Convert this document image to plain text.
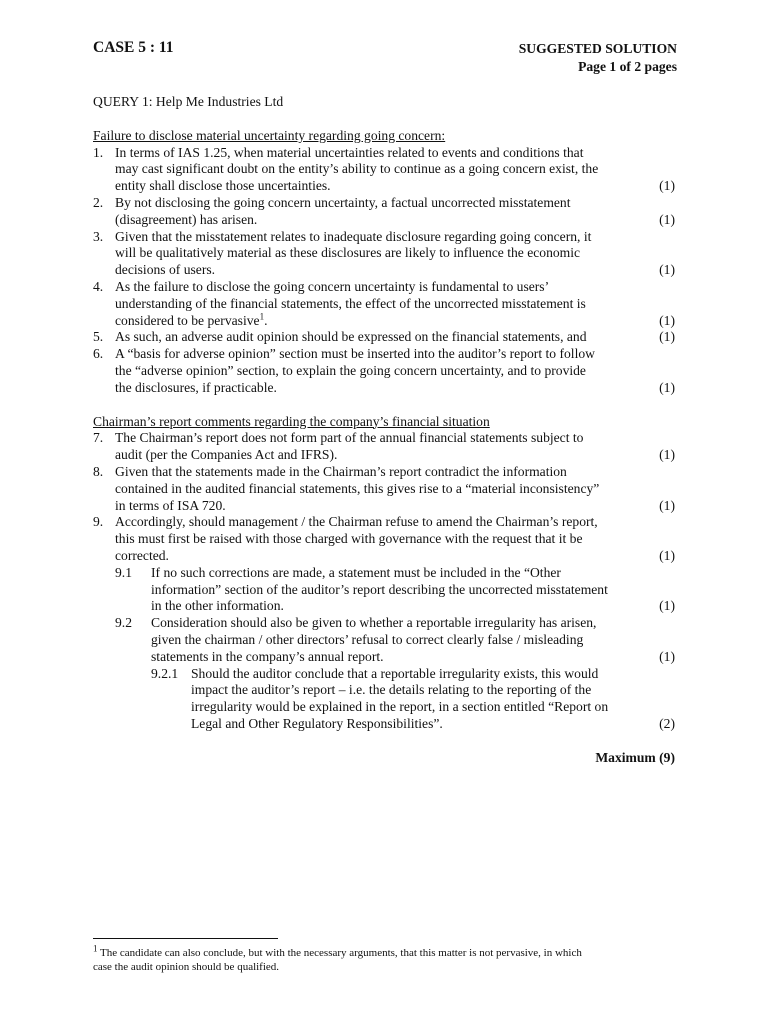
CASE 5 : 11	SUGGESTED SOLUTION
Page 1 of 2 pages
QUERY 1: Help Me Industries Ltd
Failure to disclose material uncertainty regarding going concern:
1. In terms of IAS 1.25, when material uncertainties related to events and conditions that
may cast significant doubt on the entity’s ability to continue as a going concern exist, the
entity shall disclose those uncertainties.	(1)
2. By not disclosing the going concern uncertainty, a factual uncorrected misstatement
(disagreement) has arisen.	(1)
3. Given that the misstatement relates to inadequate disclosure regarding going concern, it
will be qualitatively material as these disclosures are likely to influence the economic
decisions of users.	(1)
4. As the failure to disclose the going concern uncertainty is fundamental to users’
understanding of the financial statements, the effect of the uncorrected misstatement is
considered to be pervasive$^1$.	(1)
5. As such, an adverse audit opinion should be expressed on the financial statements, and	(1)
6. A “basis for adverse opinion” section must be inserted into the auditor’s report to follow
the “adverse opinion” section, to explain the going concern uncertainty, and to provide
the disclosures, if practicable.	(1)
Chairman’s report comments regarding the company’s financial situation
7. The Chairman’s report does not form part of the annual financial statements subject to
audit (per the Companies Act and IFRS).	(1)
8. Given that the statements made in the Chairman’s report contradict the information
contained in the audited financial statements, this gives rise to a “material inconsistency”
in terms of ISA 720.	(1)
9. Accordingly, should management / the Chairman refuse to amend the Chairman’s report,
this must first be raised with those charged with governance with the request that it be
corrected.	(1)
9.1	If no such corrections are made, a statement must be included in the “Other
information” section of the auditor’s report describing the uncorrected misstatement
in the other information.	(1)
9.2	Consideration should also be given to whether a reportable irregularity has arisen,
given the chairman / other directors’ refusal to correct clearly false / misleading
statements in the company’s annual report.	(1)
9.2.1 Should the auditor conclude that a reportable irregularity exists, this would
impact the auditor’s report – i.e. the details relating to the reporting of the
irregularity would be explained in the report, in a section entitled “Report on
Legal and Other Regulatory Responsibilities”.	(2)
Maximum (9)
$^1$ The candidate can also conclude, but with the necessary arguments, that this matter is not pervasive, in which
case the audit opinion should be qualified.
